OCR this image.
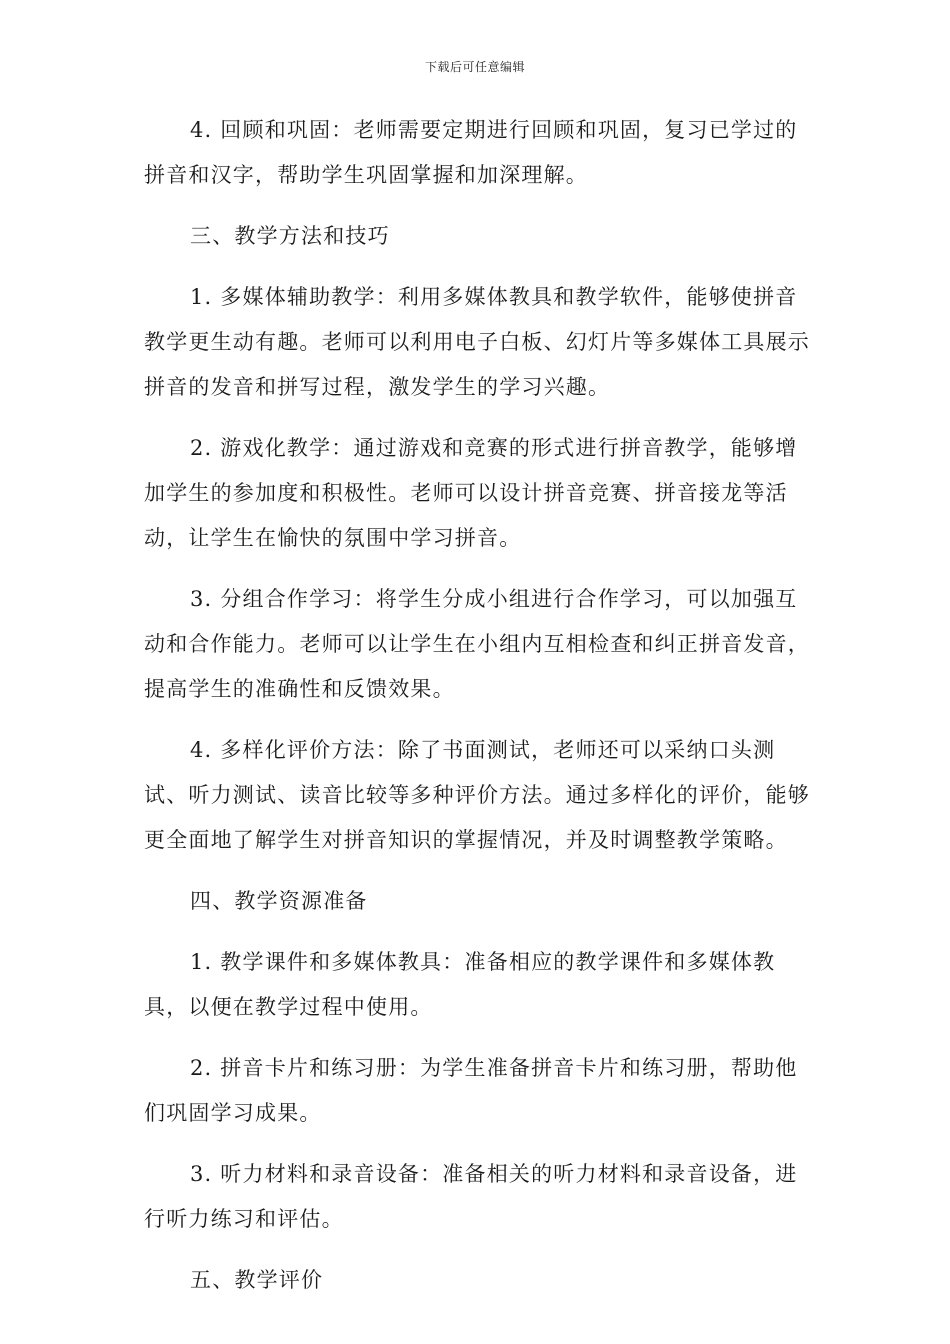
下载后可任意编辑

4. 回顾和巩固：老师需要定期进行回顾和巩固，复习已学过的拼音和汉字，帮助学生巩固掌握和加深理解。

三、教学方法和技巧

1. 多媒体辅助教学：利用多媒体教具和教学软件，能够使拼音教学更生动有趣。老师可以利用电子白板、幻灯片等多媒体工具展示拼音的发音和拼写过程，激发学生的学习兴趣。

2. 游戏化教学：通过游戏和竞赛的形式进行拼音教学，能够增加学生的参加度和积极性。老师可以设计拼音竞赛、拼音接龙等活动，让学生在愉快的氛围中学习拼音。

3. 分组合作学习：将学生分成小组进行合作学习，可以加强互动和合作能力。老师可以让学生在小组内互相检查和纠正拼音发音，提高学生的准确性和反馈效果。

4. 多样化评价方法：除了书面测试，老师还可以采纳口头测试、听力测试、读音比较等多种评价方法。通过多样化的评价，能够更全面地了解学生对拼音知识的掌握情况，并及时调整教学策略。

四、教学资源准备

1. 教学课件和多媒体教具：准备相应的教学课件和多媒体教具，以便在教学过程中使用。

2. 拼音卡片和练习册：为学生准备拼音卡片和练习册，帮助他们巩固学习成果。

3. 听力材料和录音设备：准备相关的听力材料和录音设备，进行听力练习和评估。

五、教学评价
